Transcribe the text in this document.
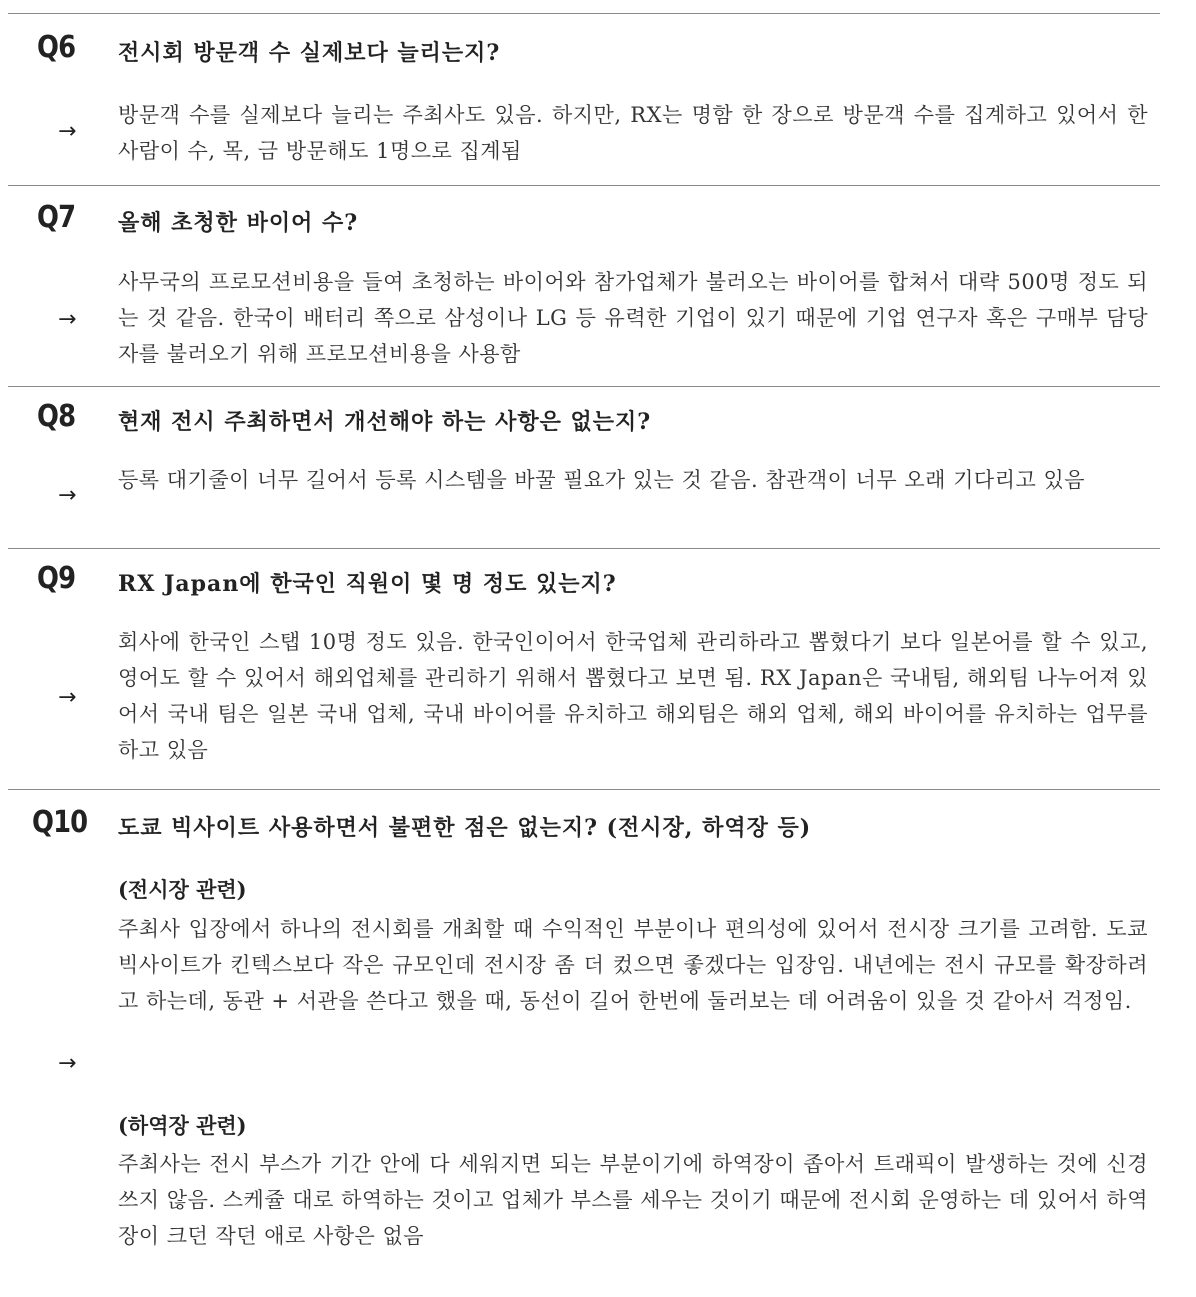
Q6 전시회 방문객 수 실제보다 늘리는지?
→
방문객 수를 실제보다 늘리는 주최사도 있음. 하지만, RX는 명함 한 장으로 방문객 수를 집계하고 있어서 한 사람이 수, 목, 금 방문해도 1명으로 집계됨
Q7 올해 초청한 바이어 수?
→
사무국의 프로모션비용을 들여 초청하는 바이어와 참가업체가 불러오는 바이어를 합쳐서 대략 500명 정도 되는 것 같음. 한국이 배터리 쪽으로 삼성이나 LG 등 유력한 기업이 있기 때문에 기업 연구자 혹은 구매부 담당자를 불러오기 위해 프로모션비용을 사용함
Q8 현재 전시 주최하면서 개선해야 하는 사항은 없는지?
→
등록 대기줄이 너무 길어서 등록 시스템을 바꿀 필요가 있는 것 같음. 참관객이 너무 오래 기다리고 있음
Q9 RX Japan에 한국인 직원이 몇 명 정도 있는지?
→
회사에 한국인 스탭 10명 정도 있음. 한국인이어서 한국업체 관리하라고 뽑혔다기 보다 일본어를 할 수 있고, 영어도 할 수 있어서 해외업체를 관리하기 위해서 뽑혔다고 보면 됨. RX Japan은 국내팀, 해외팀 나누어져 있어서 국내 팀은 일본 국내 업체, 국내 바이어를 유치하고 해외팀은 해외 업체, 해외 바이어를 유치하는 업무를 하고 있음
Q10 도쿄 빅사이트 사용하면서 불편한 점은 없는지? (전시장, 하역장 등)
→
(전시장 관련)
주최사 입장에서 하나의 전시회를 개최할 때 수익적인 부분이나 편의성에 있어서 전시장 크기를 고려함. 도쿄 빅사이트가 킨텍스보다 작은 규모인데 전시장 좀 더 컸으면 좋겠다는 입장임. 내년에는 전시 규모를 확장하려고 하는데, 동관 + 서관을 쓴다고 했을 때, 동선이 길어 한번에 둘러보는 데 어려움이 있을 것 같아서 걱정임.
(하역장 관련)
주최사는 전시 부스가 기간 안에 다 세워지면 되는 부분이기에 하역장이 좁아서 트래픽이 발생하는 것에 신경 쓰지 않음. 스케쥴 대로 하역하는 것이고 업체가 부스를 세우는 것이기 때문에 전시회 운영하는 데 있어서 하역장이 크던 작던 애로 사항은 없음
